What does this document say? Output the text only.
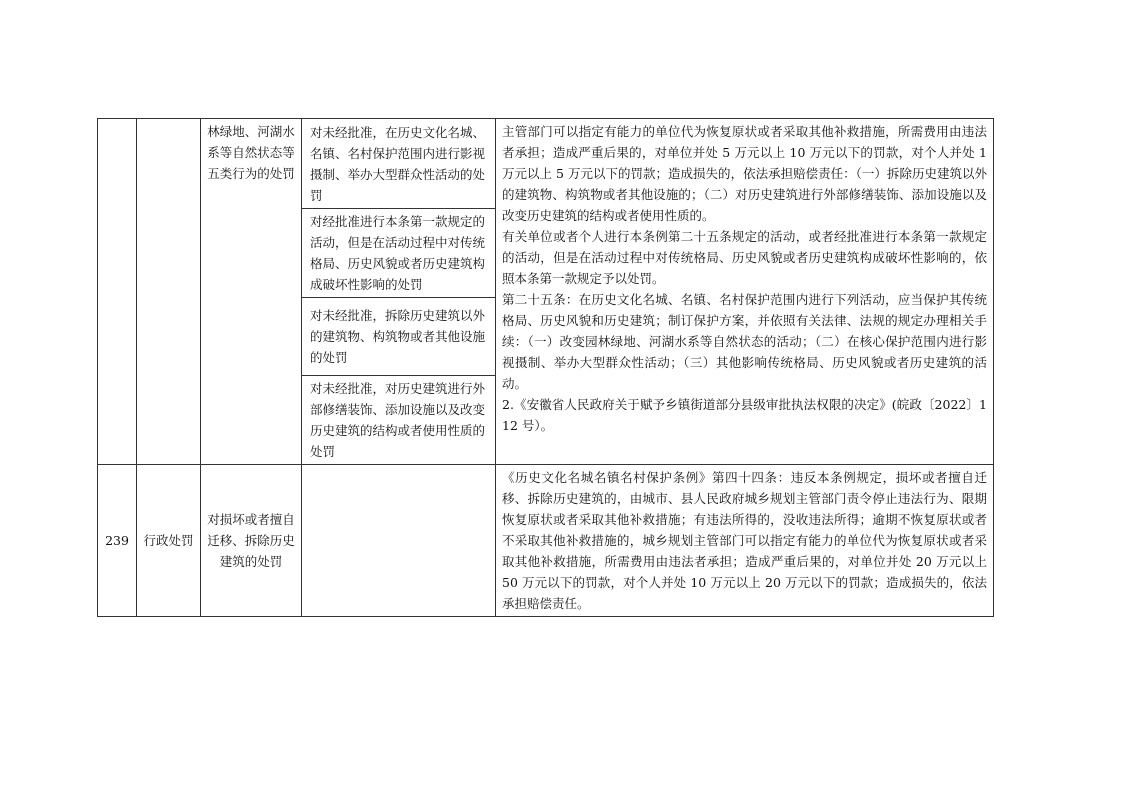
		林绿地、河湖水系等自然状态等五类行为的处罚	对未经批准，在历史文化名城、名镇、名村保护范围内进行影视摄制、举办大型群众性活动的处罚	主管部门可以指定有能力的单位代为恢复原状或者采取其他补救措施，所需费用由违法者承担；造成严重后果的，对单位并处 5 万元以上 10 万元以下的罚款，对个人并处 1 万元以上 5 万元以下的罚款；造成损失的，依法承担赔偿责任：（一）拆除历史建筑以外的建筑物、构筑物或者其他设施的；（二）对历史建筑进行外部修缮装饰、添加设施以及改变历史建筑的结构或者使用性质的。

有关单位或者个人进行本条例第二十五条规定的活动，或者经批准进行本条第一款规定的活动，但是在活动过程中对传统格局、历史风貌或者历史建筑构成破坏性影响的，依照本条第一款规定予以处罚。

第二十五条：在历史文化名城、名镇、名村保护范围内进行下列活动，应当保护其传统格局、历史风貌和历史建筑；制订保护方案，并依照有关法律、法规的规定办理相关手续：（一）改变园林绿地、河湖水系等自然状态的活动；（二）在核心保护范围内进行影视摄制、举办大型群众性活动；（三）其他影响传统格局、历史风貌或者历史建筑的活动。

2.《安徽省人民政府关于赋予乡镇街道部分县级审批执法权限的决定》(皖政〔2022〕112 号）。

			对经批准进行本条第一款规定的活动，但是在活动过程中对传统格局、历史风貌或者历史建筑构成破坏性影响的处罚	
			对未经批准，拆除历史建筑以外的建筑物、构筑物或者其他设施的处罚	
			对未经批准，对历史建筑进行外部修缮装饰、添加设施以及改变历史建筑的结构或者使用性质的处罚	
239	行政处罚	对损坏或者擅自迁移、拆除历史建筑的处罚		《历史文化名城名镇名村保护条例》第四十四条：违反本条例规定，损坏或者擅自迁移、拆除历史建筑的，由城市、县人民政府城乡规划主管部门责令停止违法行为、限期恢复原状或者采取其他补救措施；有违法所得的，没收违法所得；逾期不恢复原状或者不采取其他补救措施的，城乡规划主管部门可以指定有能力的单位代为恢复原状或者采取其他补救措施，所需费用由违法者承担；造成严重后果的，对单位并处 20 万元以上 50 万元以下的罚款，对个人并处 10 万元以上 20 万元以下的罚款；造成损失的，依法承担赔偿责任。
